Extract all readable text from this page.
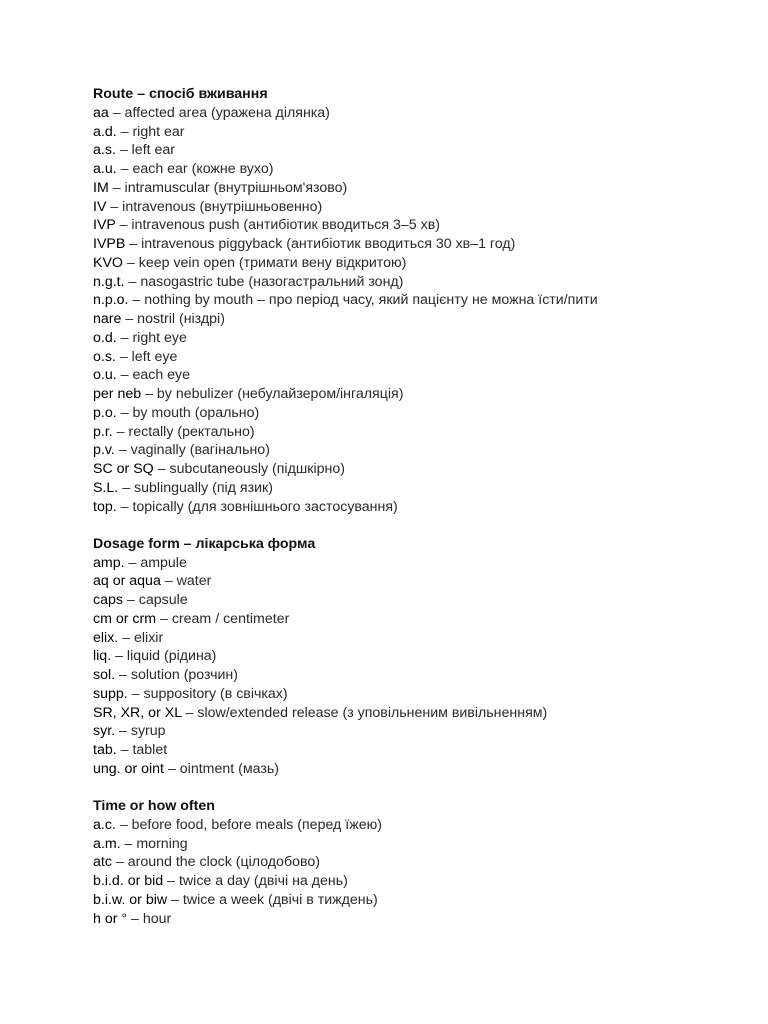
Route – спосіб вживання
aa – affected area (уражена ділянка)
a.d. – right ear
a.s. – left ear
a.u. – each ear (кожне вухо)
IM – intramuscular (внутрішньом'язово)
IV – intravenous (внутрішньовенно)
IVP – intravenous push (антибіотик вводиться 3–5 хв)
IVPB – intravenous piggyback (антибіотик вводиться 30 хв–1 год)
KVO – keep vein open (тримати вену відкритою)
n.g.t. – nasogastric tube (назогастральний зонд)
n.p.o. – nothing by mouth – про період часу, який пацієнту не можна їсти/пити
nare – nostril (ніздрі)
o.d. – right eye
o.s. – left eye
o.u. – each eye
per neb – by nebulizer (небулайзером/інгаляція)
p.o. – by mouth (орально)
p.r. – rectally (ректально)
p.v. – vaginally (вагінально)
SC or SQ – subcutaneously (підшкірно)
S.L. – sublingually (під язик)
top. – topically (для зовнішнього застосування)
Dosage form – лікарська форма
amp. – ampule
aq or aqua – water
caps – capsule
cm or crm – cream / centimeter
elix. – elixir
liq. – liquid (рідина)
sol. – solution (розчин)
supp. – suppository (в свічках)
SR, XR, or XL – slow/extended release (з уповільненим вивільненням)
syr. – syrup
tab. – tablet
ung. or oint – ointment (мазь)
Time or how often
a.c. – before food, before meals (перед їжею)
a.m. – morning
atc – around the clock (цілодобово)
b.i.d. or bid – twice a day (двічі на день)
b.i.w. or biw – twice a week (двічі в тиждень)
h or ° – hour
